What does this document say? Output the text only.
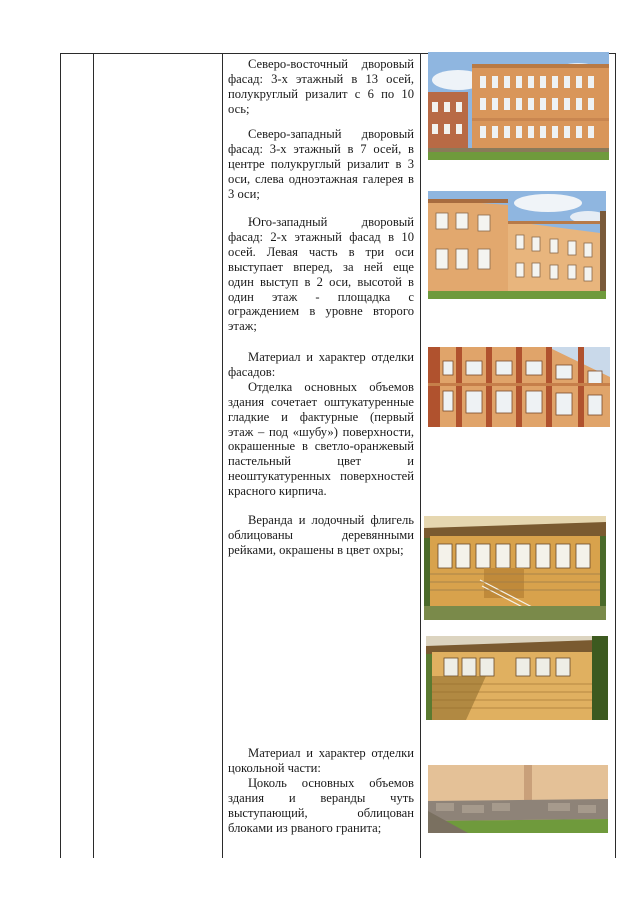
Северо-восточный дворовый фасад: 3-х этажный в 13 осей, полукруглый ризалит с 6 по 10 ось;

Северо-западный дворовый фасад: 3-х этажный в 7 осей, в центре полукруглый ризалит в 3 оси, слева одноэтажная галерея в 3 оси;

Юго-западный дворовый фасад: 2-х этажный фасад в 10 осей. Левая часть в три оси выступает вперед, за ней еще один выступ в 2 оси, высотой в один этаж - площадка с ограждением в уровне второго этаж;

Материал и характер отделки фасадов:

Отделка основных объемов здания сочетает оштукатуренные гладкие и фактурные (первый этаж – под «шубу») поверхности, окрашенные в светло-оранжевый пастельный цвет и неоштукатуренных поверхностей красного кирпича.

Веранда и лодочный флигель облицованы деревянными рейками, окрашены в цвет охры;

Материал и характер отделки цокольной части:

Цоколь основных объемов здания и веранды чуть выступающий, облицован блоками из рваного гранита;
